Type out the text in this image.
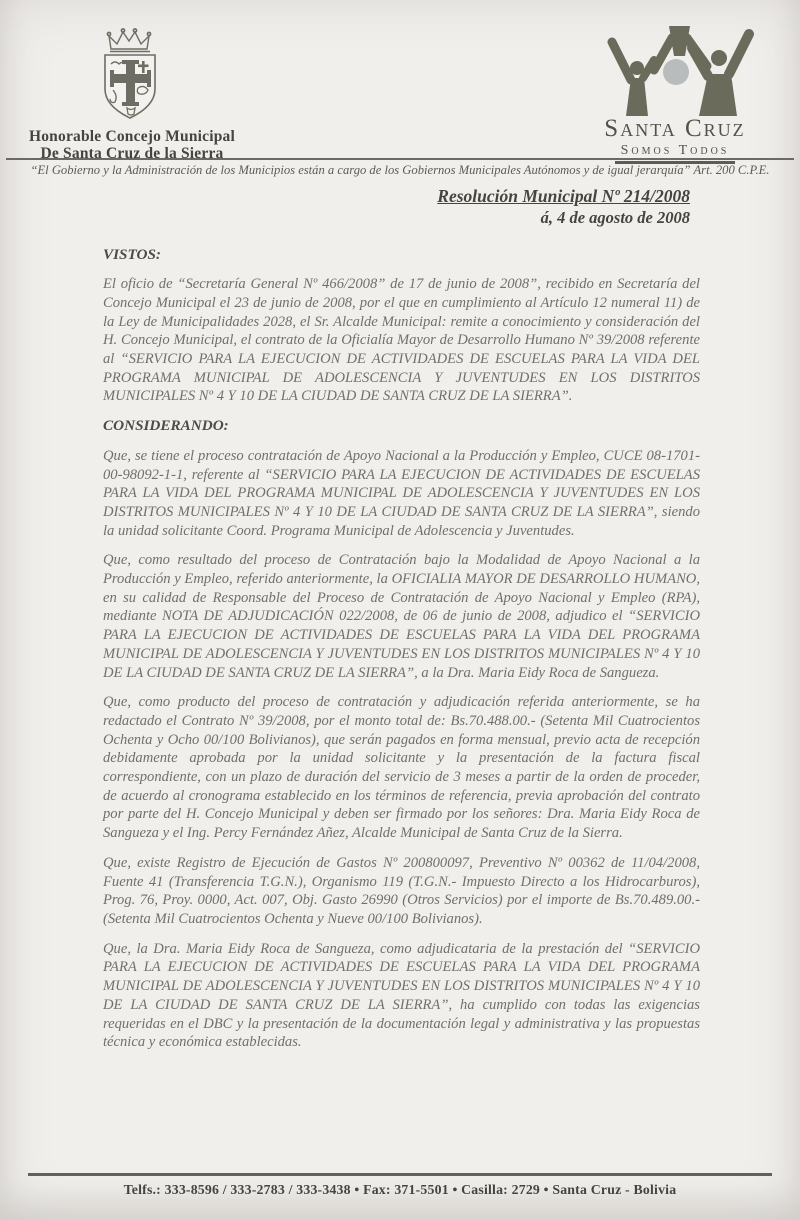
Honorable Concejo Municipal
De Santa Cruz de la Sierra
Santa Cruz
Somos Todos
“El Gobierno y la Administración de los Municipios están a cargo de los Gobiernos Municipales Autónomos y de igual jerarquía” Art. 200 C.P.E.
Resolución Municipal Nº 214/2008
á, 4 de agosto de 2008
VISTOS:

El oficio de “Secretaría General Nº 466/2008” de 17 de junio de 2008”, recibido en Secretaría del Concejo Municipal el 23 de junio de 2008, por el que en cumplimiento al Artículo 12 numeral 11) de la Ley de Municipalidades 2028, el Sr. Alcalde Municipal: remite a conocimiento y consideración del H. Concejo Municipal, el contrato de la Oficialía Mayor de Desarrollo Humano Nº 39/2008 referente al “SERVICIO PARA LA EJECUCION DE ACTIVIDADES DE ESCUELAS PARA LA VIDA DEL PROGRAMA MUNICIPAL DE ADOLESCENCIA Y JUVENTUDES EN LOS DISTRITOS MUNICIPALES Nº 4 Y 10 DE LA CIUDAD DE SANTA CRUZ DE LA SIERRA”.

CONSIDERANDO:

Que, se tiene el proceso contratación de Apoyo Nacional a la Producción y Empleo, CUCE 08-1701-00-98092-1-1, referente al “SERVICIO PARA LA EJECUCION DE ACTIVIDADES DE ESCUELAS PARA LA VIDA DEL PROGRAMA MUNICIPAL DE ADOLESCENCIA Y JUVENTUDES EN LOS DISTRITOS MUNICIPALES Nº 4 Y 10 DE LA CIUDAD DE SANTA CRUZ DE LA SIERRA”, siendo la unidad solicitante Coord. Programa Municipal de Adolescencia y Juventudes.

Que, como resultado del proceso de Contratación bajo la Modalidad de Apoyo Nacional a la Producción y Empleo, referido anteriormente, la OFICIALIA MAYOR DE DESARROLLO HUMANO, en su calidad de Responsable del Proceso de Contratación de Apoyo Nacional y Empleo (RPA), mediante NOTA DE ADJUDICACIÓN 022/2008, de 06 de junio de 2008, adjudico el “SERVICIO PARA LA EJECUCION DE ACTIVIDADES DE ESCUELAS PARA LA VIDA DEL PROGRAMA MUNICIPAL DE ADOLESCENCIA Y JUVENTUDES EN LOS DISTRITOS MUNICIPALES Nº 4 Y 10 DE LA CIUDAD DE SANTA CRUZ DE LA SIERRA”, a la Dra. Maria Eidy Roca de Sangueza.

Que, como producto del proceso de contratación y adjudicación referida anteriormente, se ha redactado el Contrato Nº 39/2008, por el monto total de: Bs.70.488.00.- (Setenta Mil Cuatrocientos Ochenta y Ocho 00/100 Bolivianos), que serán pagados en forma mensual, previo acta de recepción debidamente aprobada por la unidad solicitante y la presentación de la factura fiscal correspondiente, con un plazo de duración del servicio de 3 meses a partir de la orden de proceder, de acuerdo al cronograma establecido en los términos de referencia, previa aprobación del contrato por parte del H. Concejo Municipal y deben ser firmado por los señores: Dra. Maria Eidy Roca de Sangueza y el Ing. Percy Fernández Añez, Alcalde Municipal de Santa Cruz de la Sierra.

Que, existe Registro de Ejecución de Gastos Nº 200800097, Preventivo Nº 00362 de 11/04/2008, Fuente 41 (Transferencia T.G.N.), Organismo 119 (T.G.N.- Impuesto Directo a los Hidrocarburos), Prog. 76, Proy. 0000, Act. 007, Obj. Gasto 26990 (Otros Servicios) por el importe de Bs.70.489.00.- (Setenta Mil Cuatrocientos Ochenta y Nueve 00/100 Bolivianos).

Que, la Dra. Maria Eidy Roca de Sangueza, como adjudicataria de la prestación del “SERVICIO PARA LA EJECUCION DE ACTIVIDADES DE ESCUELAS PARA LA VIDA DEL PROGRAMA MUNICIPAL DE ADOLESCENCIA Y JUVENTUDES EN LOS DISTRITOS MUNICIPALES Nº 4 Y 10 DE LA CIUDAD DE SANTA CRUZ DE LA SIERRA”, ha cumplido con todas las exigencias requeridas en el DBC y la presentación de la documentación legal y administrativa y las propuestas técnica y económica establecidas.

Telfs.: 333-8596 / 333-2783 / 333-3438 • Fax: 371-5501 • Casilla: 2729 • Santa Cruz - Bolivia
